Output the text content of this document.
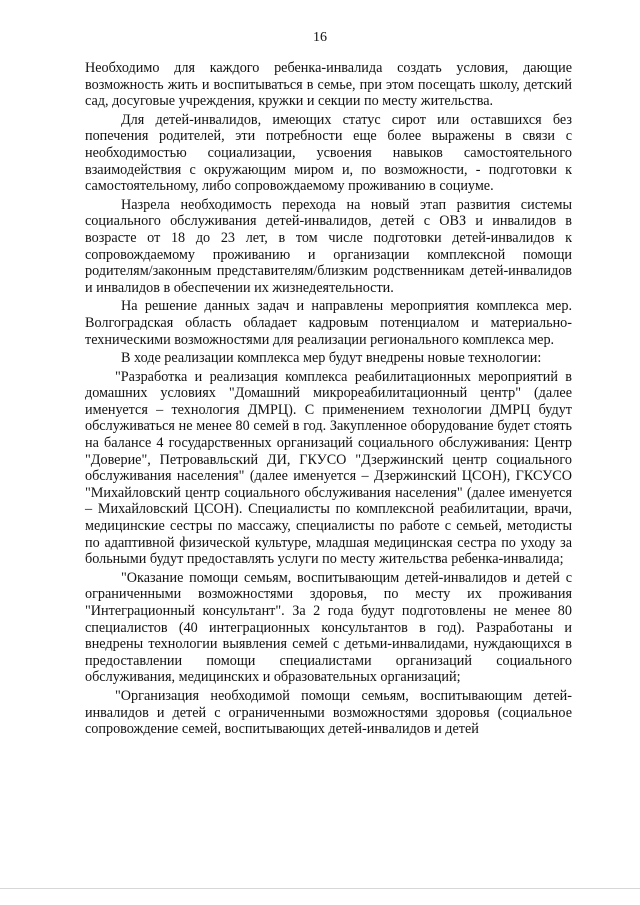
16

Необходимо для каждого ребенка-инвалида создать условия, дающие возможность жить и воспитываться в семье, при этом посещать школу, детский сад, досуговые учреждения, кружки и секции по месту жительства.

Для детей-инвалидов, имеющих статус сирот или оставшихся без попечения родителей, эти потребности еще более выражены в связи с необходимостью социализации, усвоения навыков самостоятельного взаимодействия с окружающим миром и, по возможности, - подготовки к самостоятельному, либо сопровождаемому проживанию в социуме.

Назрела необходимость перехода на новый этап развития системы социального обслуживания детей-инвалидов, детей с ОВЗ и инвалидов в возрасте от 18 до 23 лет, в том числе подготовки детей-инвалидов к сопровождаемому проживанию и организации комплексной помощи родителям/законным представителям/близким родственникам детей-инвалидов и инвалидов в обеспечении их жизнедеятельности.

На решение данных задач и направлены мероприятия комплекса мер. Волгоградская область обладает кадровым потенциалом и материально-техническими возможностями для реализации регионального комплекса мер.

В ходе реализации комплекса мер будут внедрены новые технологии:

"Разработка и реализация комплекса реабилитационных мероприятий в домашних условиях "Домашний микрореабилитационный центр" (далее именуется – технология ДМРЦ). С применением технологии ДМРЦ будут обслуживаться не менее 80 семей в год. Закупленное оборудование будет стоять на балансе 4 государственных организаций социального обслуживания: Центр "Доверие", Петровавльский ДИ, ГКУСО "Дзержинский центр социального обслуживания населения" (далее именуется – Дзержинский ЦСОН), ГКСУСО "Михайловский центр социального обслуживания населения" (далее именуется – Михайловский ЦСОН). Специалисты по комплексной реабилитации, врачи, медицинские сестры по массажу, специалисты по работе с семьей, методисты по адаптивной физической культуре, младшая медицинская сестра по уходу за больными будут предоставлять услуги по месту жительства ребенка-инвалида;

"Оказание помощи семьям, воспитывающим детей-инвалидов и детей с ограниченными возможностями здоровья, по месту их проживания "Интеграционный консультант". За 2 года будут подготовлены не менее 80 специалистов (40 интеграционных консультантов в год). Разработаны и внедрены технологии выявления семей с детьми-инвалидами, нуждающихся в предоставлении помощи специалистами организаций социального обслуживания, медицинских и образовательных организаций;

"Организация необходимой помощи семьям, воспитывающим детей-инвалидов и детей с ограниченными возможностями здоровья (социальное сопровождение семей, воспитывающих детей-инвалидов и детей
